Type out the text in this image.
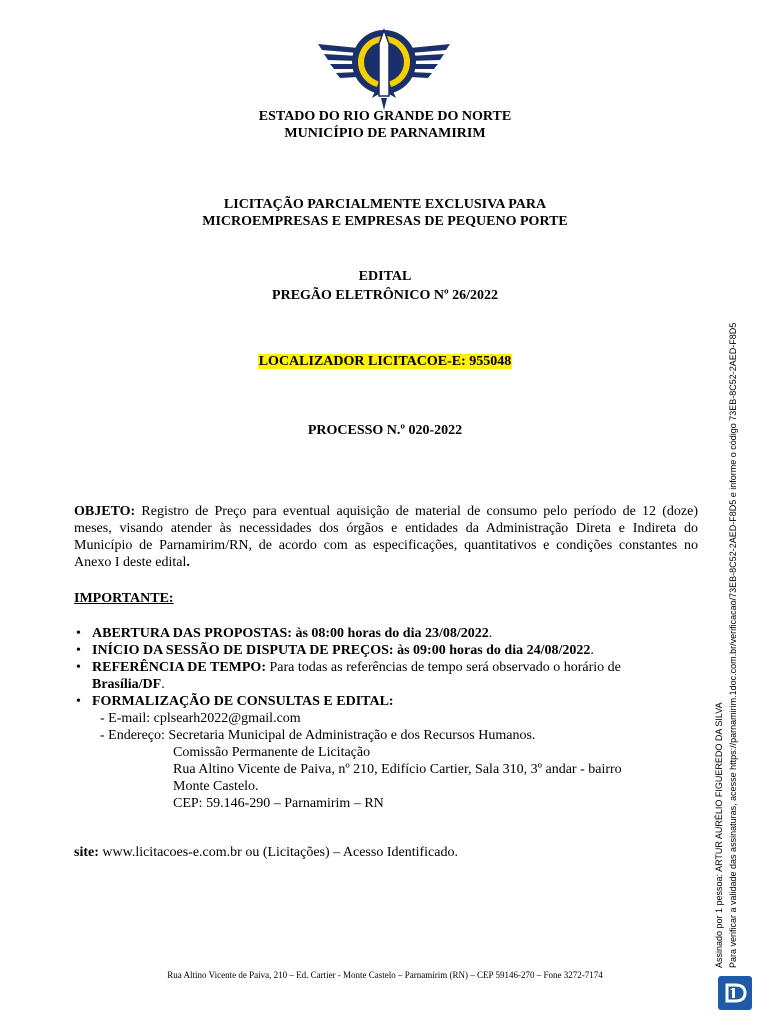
ESTADO DO RIO GRANDE DO NORTE
MUNICÍPIO DE PARNAMIRIM
LICITAÇÃO PARCIALMENTE EXCLUSIVA PARA
MICROEMPRESAS E EMPRESAS DE PEQUENO PORTE
EDITAL
PREGÃO ELETRÔNICO Nº 26/2022
LOCALIZADOR LICITACOE-E: 955048
PROCESSO N.º 020-2022
OBJETO: Registro de Preço para eventual aquisição de material de consumo pelo período de 12 (doze) meses, visando atender às necessidades dos órgãos e entidades da Administração Direta e Indireta do Município de Parnamirim/RN, de acordo com as especificações, quantitativos e condições constantes no Anexo I deste edital.
IMPORTANTE:
• ABERTURA DAS PROPOSTAS: às 08:00 horas do dia 23/08/2022.
• INÍCIO DA SESSÃO DE DISPUTA DE PREÇOS: às 09:00 horas do dia 24/08/2022.
• REFERÊNCIA DE TEMPO: Para todas as referências de tempo será observado o horário de
Brasília/DF.
• FORMALIZAÇÃO DE CONSULTAS E EDITAL:
- E-mail: cplsearh2022@gmail.com
- Endereço: Secretaria Municipal de Administração e dos Recursos Humanos.
Comissão Permanente de Licitação
Rua Altino Vicente de Paiva, nº 210, Edifício Cartier, Sala 310, 3º andar - bairro
Monte Castelo.
CEP: 59.146-290 – Parnamirim – RN
site: www.licitacoes-e.com.br ou (Licitações) – Acesso Identificado.
Rua Altino Vicente de Paiva, 210 – Ed. Cartier - Monte Castelo – Parnamirim (RN) – CEP 59146-270 – Fone 3272-7174
Assinado por 1 pessoa: ARTUR AURÉLIO FIGUEREDO DA SILVA Para verificar a validade das assinaturas, acesse https://parnamirim.1doc.com.br/verificacao/73EB-8C52-2AED-F8D5 e informe o código 73EB-8C52-2AED-F8D5
